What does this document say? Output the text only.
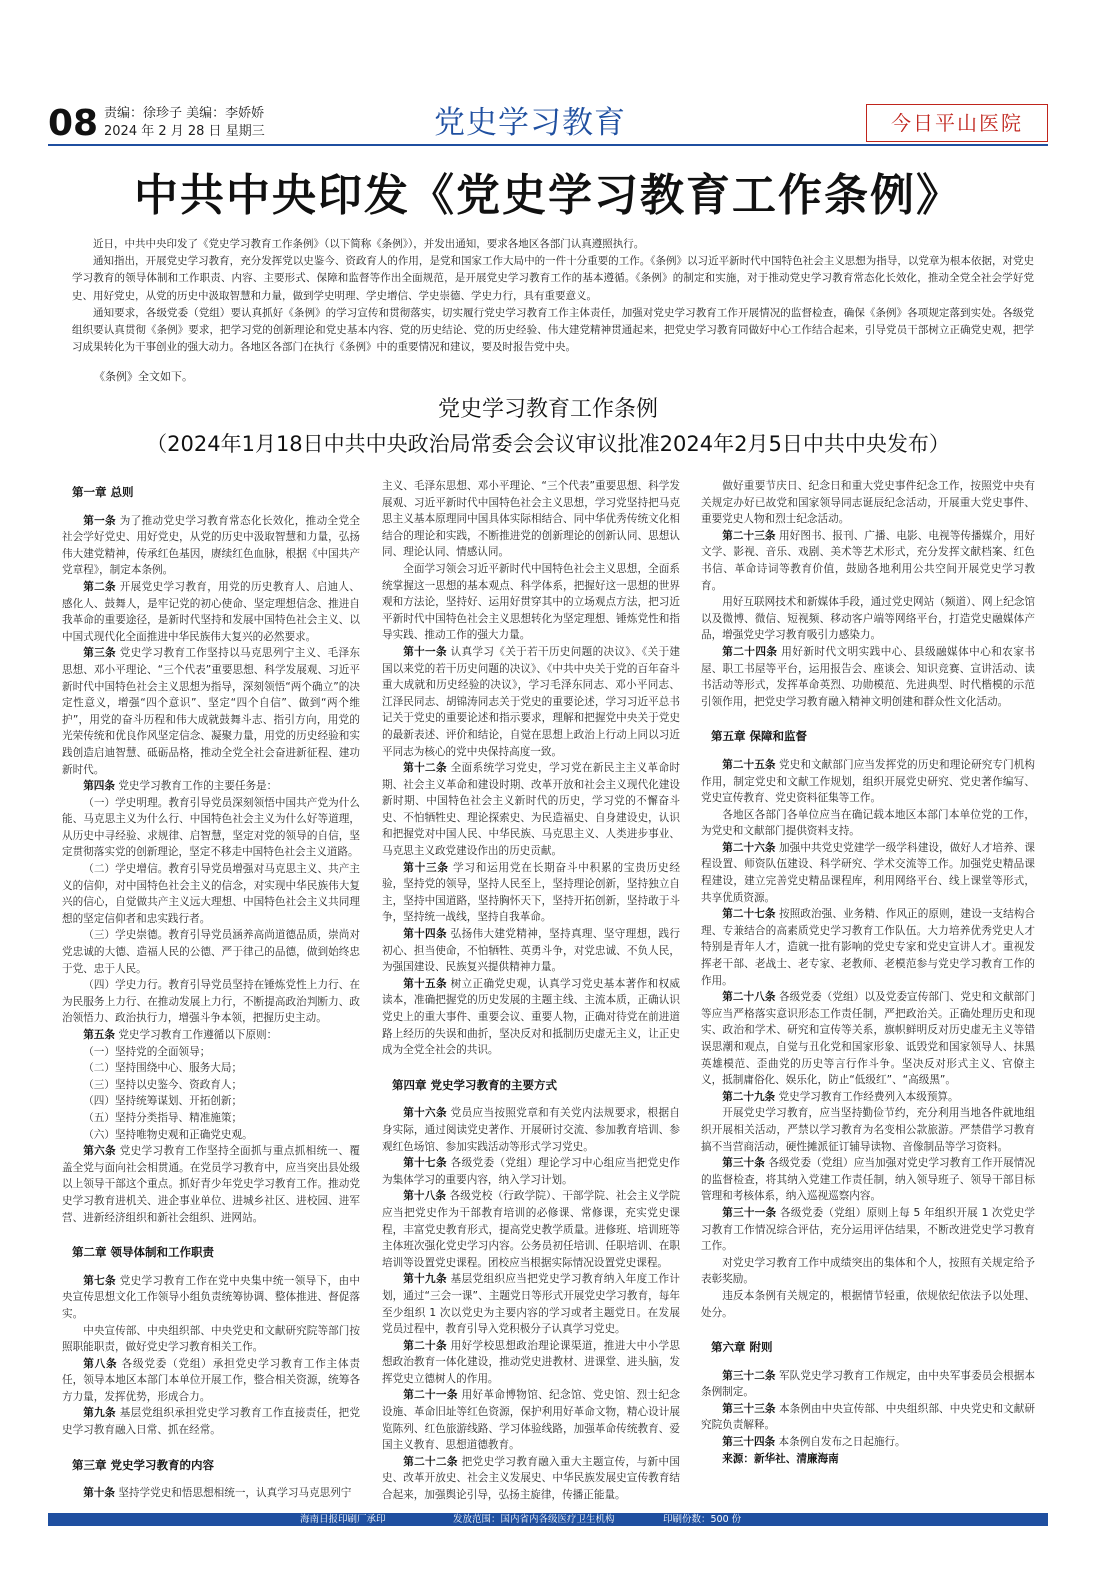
08 责编：徐珍子 美编：李娇娇
2024 年 2 月 28 日 星期三	党史学习教育	今日平山医院
中共中央印发《党史学习教育工作条例》

近日，中共中央印发了《党史学习教育工作条例》（以下简称《条例》），并发出通知，要求各地区各部门认真遵照执行。

通知指出，开展党史学习教育，充分发挥党以史鉴今、资政育人的作用，是党和国家工作大局中的一件十分重要的工作。《条例》以习近平新时代中国特色社会主义思想为指导，以党章为根本依据，对党史学习教育的领导体制和工作职责、内容、主要形式、保障和监督等作出全面规范，是开展党史学习教育工作的基本遵循。《条例》的制定和实施，对于推动党史学习教育常态化长效化，推动全党全社会学好党史、用好党史，从党的历史中汲取智慧和力量，做到学史明理、学史增信、学史崇德、学史力行，具有重要意义。

通知要求，各级党委（党组）要认真抓好《条例》的学习宣传和贯彻落实，切实履行党史学习教育工作主体责任，加强对党史学习教育工作开展情况的监督检查，确保《条例》各项规定落到实处。各级党组织要认真贯彻《条例》要求，把学习党的创新理论和党史基本内容、党的历史结论、党的历史经验、伟大建党精神贯通起来，把党史学习教育同做好中心工作结合起来，引导党员干部树立正确党史观，把学习成果转化为干事创业的强大动力。各地区各部门在执行《条例》中的重要情况和建议，要及时报告党中央。

《条例》全文如下。

党史学习教育工作条例
（2024年1月18日中共中央政治局常委会会议审议批准2024年2月5日中共中央发布）

第一章 总则

第一条 为了推动党史学习教育常态化长效化，推动全党全社会学好党史、用好党史，从党的历史中汲取智慧和力量，弘扬伟大建党精神，传承红色基因，赓续红色血脉，根据《中国共产党章程》，制定本条例。

第二条 开展党史学习教育，用党的历史教育人、启迪人、感化人、鼓舞人，是牢记党的初心使命、坚定理想信念、推进自我革命的重要途径，是新时代坚持和发展中国特色社会主义、以中国式现代化全面推进中华民族伟大复兴的必然要求。

第三条 党史学习教育工作坚持以马克思列宁主义、毛泽东思想、邓小平理论、“三个代表”重要思想、科学发展观、习近平新时代中国特色社会主义思想为指导，深刻领悟“两个确立”的决定性意义，增强“四个意识”、坚定“四个自信”、做到“两个维护”，用党的奋斗历程和伟大成就鼓舞斗志、指引方向，用党的光荣传统和优良作风坚定信念、凝聚力量，用党的历史经验和实践创造启迪智慧、砥砺品格，推动全党全社会奋进新征程、建功新时代。

第四条 党史学习教育工作的主要任务是：

（一）学史明理。教育引导党员深刻领悟中国共产党为什么能、马克思主义为什么行、中国特色社会主义为什么好等道理，从历史中寻经验、求规律、启智慧，坚定对党的领导的自信，坚定贯彻落实党的创新理论，坚定不移走中国特色社会主义道路。

（二）学史增信。教育引导党员增强对马克思主义、共产主义的信仰，对中国特色社会主义的信念，对实现中华民族伟大复兴的信心，自觉做共产主义远大理想、中国特色社会主义共同理想的坚定信仰者和忠实践行者。

（三）学史崇德。教育引导党员涵养高尚道德品质，崇尚对党忠诚的大德、造福人民的公德、严于律己的品德，做到始终忠于党、忠于人民。

（四）学史力行。教育引导党员坚持在锤炼党性上力行、在为民服务上力行、在推动发展上力行，不断提高政治判断力、政治领悟力、政治执行力，增强斗争本领，把握历史主动。

第五条 党史学习教育工作遵循以下原则：

（一）坚持党的全面领导；

（二）坚持围绕中心、服务大局；

（三）坚持以史鉴今、资政育人；

（四）坚持统筹谋划、开拓创新；

（五）坚持分类指导、精准施策；

（六）坚持唯物史观和正确党史观。

第六条 党史学习教育工作坚持全面抓与重点抓相统一、覆盖全党与面向社会相贯通。在党员学习教育中，应当突出县处级以上领导干部这个重点。抓好青少年党史学习教育工作。推动党史学习教育进机关、进企事业单位、进城乡社区、进校园、进军营、进新经济组织和新社会组织、进网站。

第二章 领导体制和工作职责

第七条 党史学习教育工作在党中央集中统一领导下，由中央宣传思想文化工作领导小组负责统筹协调、整体推进、督促落实。

中央宣传部、中央组织部、中央党史和文献研究院等部门按照职能职责，做好党史学习教育相关工作。

第八条 各级党委（党组）承担党史学习教育工作主体责任，领导本地区本部门本单位开展工作，整合相关资源，统筹各方力量，发挥优势，形成合力。

第九条 基层党组织承担党史学习教育工作直接责任，把党史学习教育融入日常、抓在经常。

第三章 党史学习教育的内容

第十条 坚持学党史和悟思想相统一，认真学习马克思列宁

主义、毛泽东思想、邓小平理论、“三个代表”重要思想、科学发展观、习近平新时代中国特色社会主义思想，学习党坚持把马克思主义基本原理同中国具体实际相结合、同中华优秀传统文化相结合的理论和实践，不断推进党的创新理论的创新认同、思想认同、理论认同、情感认同。

全面学习领会习近平新时代中国特色社会主义思想，全面系统掌握这一思想的基本观点、科学体系，把握好这一思想的世界观和方法论，坚持好、运用好贯穿其中的立场观点方法，把习近平新时代中国特色社会主义思想转化为坚定理想、锤炼党性和指导实践、推动工作的强大力量。

第十一条 认真学习《关于若干历史问题的决议》、《关于建国以来党的若干历史问题的决议》、《中共中央关于党的百年奋斗重大成就和历史经验的决议》，学习毛泽东同志、邓小平同志、江泽民同志、胡锦涛同志关于党史的重要论述，学习习近平总书记关于党史的重要论述和指示要求，理解和把握党中央关于党史的最新表述、评价和结论，自觉在思想上政治上行动上同以习近平同志为核心的党中央保持高度一致。

第十二条 全面系统学习党史，学习党在新民主主义革命时期、社会主义革命和建设时期、改革开放和社会主义现代化建设新时期、中国特色社会主义新时代的历史，学习党的不懈奋斗史、不怕牺牲史、理论探索史、为民造福史、自身建设史，认识和把握党对中国人民、中华民族、马克思主义、人类进步事业、马克思主义政党建设作出的历史贡献。

第十三条 学习和运用党在长期奋斗中积累的宝贵历史经验，坚持党的领导，坚持人民至上，坚持理论创新，坚持独立自主，坚持中国道路，坚持胸怀天下，坚持开拓创新，坚持敢于斗争，坚持统一战线，坚持自我革命。

第十四条 弘扬伟大建党精神，坚持真理、坚守理想，践行初心、担当使命，不怕牺牲、英勇斗争，对党忠诚、不负人民，为强国建设、民族复兴提供精神力量。

第十五条 树立正确党史观，认真学习党史基本著作和权威读本，准确把握党的历史发展的主题主线、主流本质，正确认识党史上的重大事件、重要会议、重要人物，正确对待党在前进道路上经历的失误和曲折，坚决反对和抵制历史虚无主义，让正史成为全党全社会的共识。

第四章 党史学习教育的主要方式

第十六条 党员应当按照党章和有关党内法规要求，根据自身实际，通过阅读党史著作、开展研讨交流、参加教育培训、参观红色场馆、参加实践活动等形式学习党史。

第十七条 各级党委（党组）理论学习中心组应当把党史作为集体学习的重要内容，纳入学习计划。

第十八条 各级党校（行政学院）、干部学院、社会主义学院应当把党史作为干部教育培训的必修课、常修课，充实党史课程，丰富党史教育形式，提高党史教学质量。进修班、培训班等主体班次强化党史学习内容。公务员初任培训、任职培训、在职培训等设置党史课程。团校应当根据实际情况设置党史课程。

第十九条 基层党组织应当把党史学习教育纳入年度工作计划，通过“三会一课”、主题党日等形式开展党史学习教育，每年至少组织 1 次以党史为主要内容的学习或者主题党日。在发展党员过程中，教育引导入党积极分子认真学习党史。

第二十条 用好学校思想政治理论课渠道，推进大中小学思想政治教育一体化建设，推动党史进教材、进课堂、进头脑，发挥党史立德树人的作用。

第二十一条 用好革命博物馆、纪念馆、党史馆、烈士纪念设施、革命旧址等红色资源，保护利用好革命文物，精心设计展览陈列、红色旅游线路、学习体验线路，加强革命传统教育、爱国主义教育、思想道德教育。

第二十二条 把党史学习教育融入重大主题宣传，与新中国史、改革开放史、社会主义发展史、中华民族发展史宣传教育结合起来，加强舆论引导，弘扬主旋律，传播正能量。

做好重要节庆日、纪念日和重大党史事件纪念工作，按照党中央有关规定办好已故党和国家领导同志诞辰纪念活动，开展重大党史事件、重要党史人物和烈士纪念活动。

第二十三条 用好图书、报刊、广播、电影、电视等传播媒介，用好文学、影视、音乐、戏剧、美术等艺术形式，充分发挥文献档案、红色书信、革命诗词等教育价值，鼓励各地利用公共空间开展党史学习教育。

用好互联网技术和新媒体手段，通过党史网站（频道）、网上纪念馆以及微博、微信、短视频、移动客户端等网络平台，打造党史融媒体产品，增强党史学习教育吸引力感染力。

第二十四条 用好新时代文明实践中心、县级融媒体中心和农家书屋、职工书屋等平台，运用报告会、座谈会、知识竞赛、宣讲活动、读书活动等形式，发挥革命英烈、功勋模范、先进典型、时代楷模的示范引领作用，把党史学习教育融入精神文明创建和群众性文化活动。

第五章 保障和监督

第二十五条 党史和文献部门应当发挥党的历史和理论研究专门机构作用，制定党史和文献工作规划，组织开展党史研究、党史著作编写、党史宣传教育、党史资料征集等工作。

各地区各部门各单位应当在确记载本地区本部门本单位党的工作，为党史和文献部门提供资料支持。

第二十六条 加强中共党史党建学一级学科建设，做好人才培养、课程设置、师资队伍建设、科学研究、学术交流等工作。加强党史精品课程建设，建立完善党史精品课程库，利用网络平台、线上课堂等形式，共享优质资源。

第二十七条 按照政治强、业务精、作风正的原则，建设一支结构合理、专兼结合的高素质党史学习教育工作队伍。大力培养优秀党史人才特别是青年人才，造就一批有影响的党史专家和党史宣讲人才。重视发挥老干部、老战士、老专家、老教师、老模范参与党史学习教育工作的作用。

第二十八条 各级党委（党组）以及党委宣传部门、党史和文献部门等应当严格落实意识形态工作责任制，严把政治关。正确处理历史和现实、政治和学术、研究和宣传等关系，旗帜鲜明反对历史虚无主义等错误思潮和观点，自觉与丑化党和国家形象、诋毁党和国家领导人、抹黑英雄模范、歪曲党的历史等言行作斗争。坚决反对形式主义、官僚主义，抵制庸俗化、娱乐化，防止“低级红”、“高级黑”。

第二十九条 党史学习教育工作经费列入本级预算。

开展党史学习教育，应当坚持勤俭节约，充分利用当地各件就地组织开展相关活动，严禁以学习教育为名变相公款旅游。严禁借学习教育搞不当营商活动，硬性摊派征订辅导读物、音像制品等学习资料。

第三十条 各级党委（党组）应当加强对党史学习教育工作开展情况的监督检查，将其纳入党建工作责任制，纳入领导班子、领导干部目标管理和考核体系，纳入巡视巡察内容。

第三十一条 各级党委（党组）原则上每 5 年组织开展 1 次党史学习教育工作情况综合评估，充分运用评估结果，不断改进党史学习教育工作。

对党史学习教育工作中成绩突出的集体和个人，按照有关规定给予表彰奖励。

违反本条例有关规定的，根据情节轻重，依规依纪依法予以处理、处分。

第六章 附则

第三十二条 军队党史学习教育工作规定，由中央军事委员会根据本条例制定。

第三十三条 本条例由中央宣传部、中央组织部、中央党史和文献研究院负责解释。

第三十四条 本条例自发布之日起施行。

来源：新华社、清廉海南

海南日报印刷厂承印	发放范围：国内省内各级医疗卫生机构	印刷份数：500 份
